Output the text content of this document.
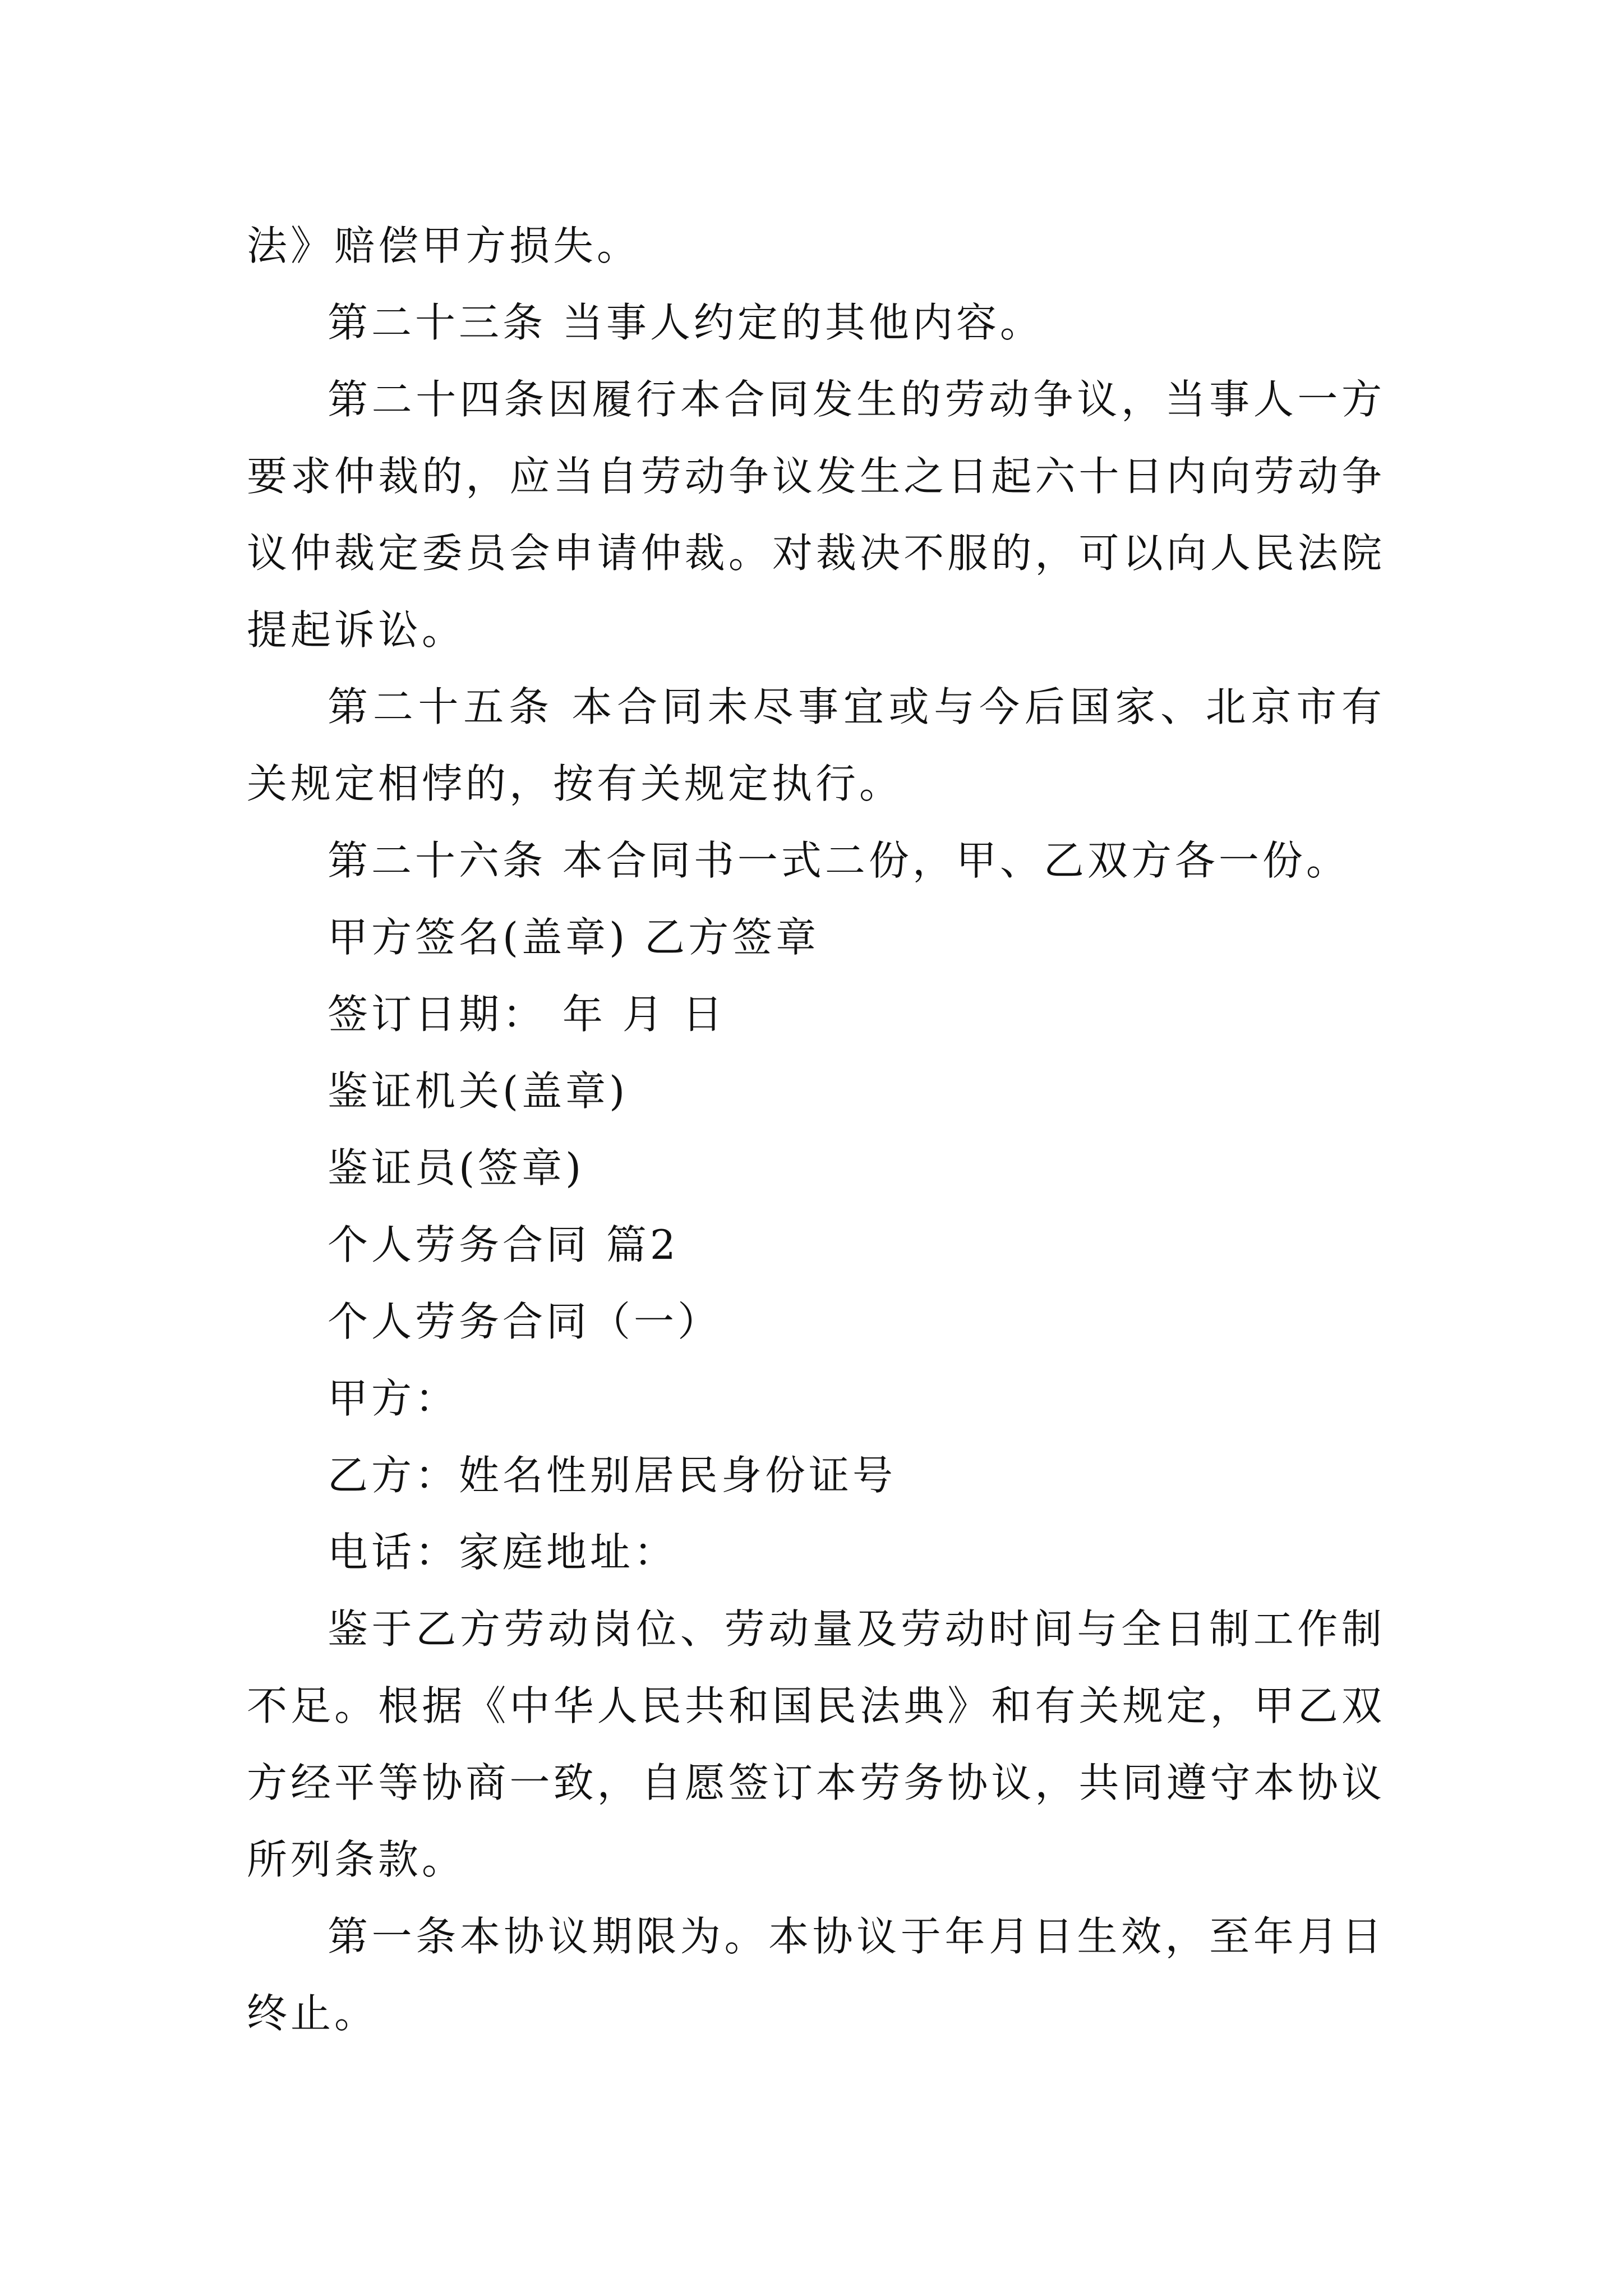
法》赔偿甲方损失。

第二十三条 当事人约定的其他内容。

第二十四条因履行本合同发生的劳动争议，当事人一方要求仲裁的，应当自劳动争议发生之日起六十日内向劳动争议仲裁定委员会申请仲裁。对裁决不服的，可以向人民法院提起诉讼。

第二十五条 本合同未尽事宜或与今后国家、北京市有关规定相悖的，按有关规定执行。

第二十六条 本合同书一式二份，甲、乙双方各一份。

甲方签名(盖章) 乙方签章

签订日期： 年 月 日

鉴证机关(盖章)

鉴证员(签章)

个人劳务合同 篇2

个人劳务合同（一）

甲方：

乙方：姓名性别居民身份证号

电话：家庭地址：

鉴于乙方劳动岗位、劳动量及劳动时间与全日制工作制不足。根据《中华人民共和国民法典》和有关规定，甲乙双方经平等协商一致，自愿签订本劳务协议，共同遵守本协议所列条款。

第一条本协议期限为。本协议于年月日生效，至年月日终止。
